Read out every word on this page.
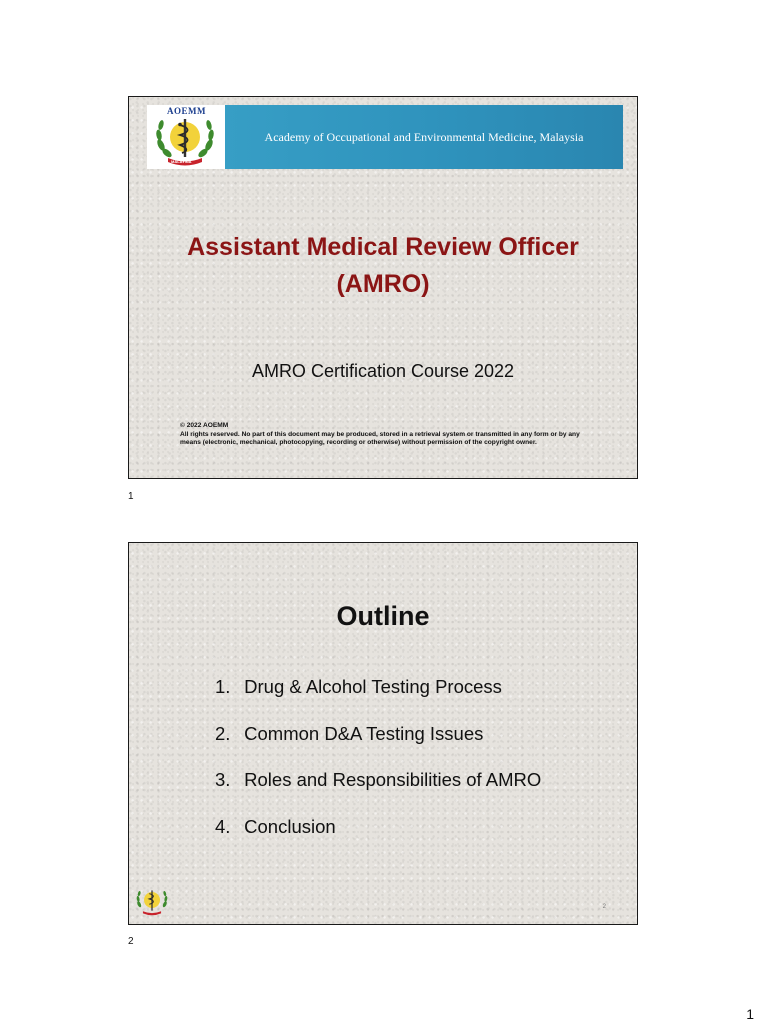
AOEMM
MALAYSIA
Academy of Occupational and Environmental Medicine, Malaysia
Assistant Medical Review Officer
(AMRO)
AMRO Certification Course 2022
© 2022 AOEMM
All rights reserved. No part of this document may be produced, stored in a retrieval system or transmitted in any form or by any means (electronic, mechanical, photocopying, recording or otherwise) without permission of the copyright owner.
1
Outline
1. Drug & Alcohol Testing Process
2. Common D&A Testing Issues
3. Roles and Responsibilities of AMRO
4. Conclusion
2
2
1
